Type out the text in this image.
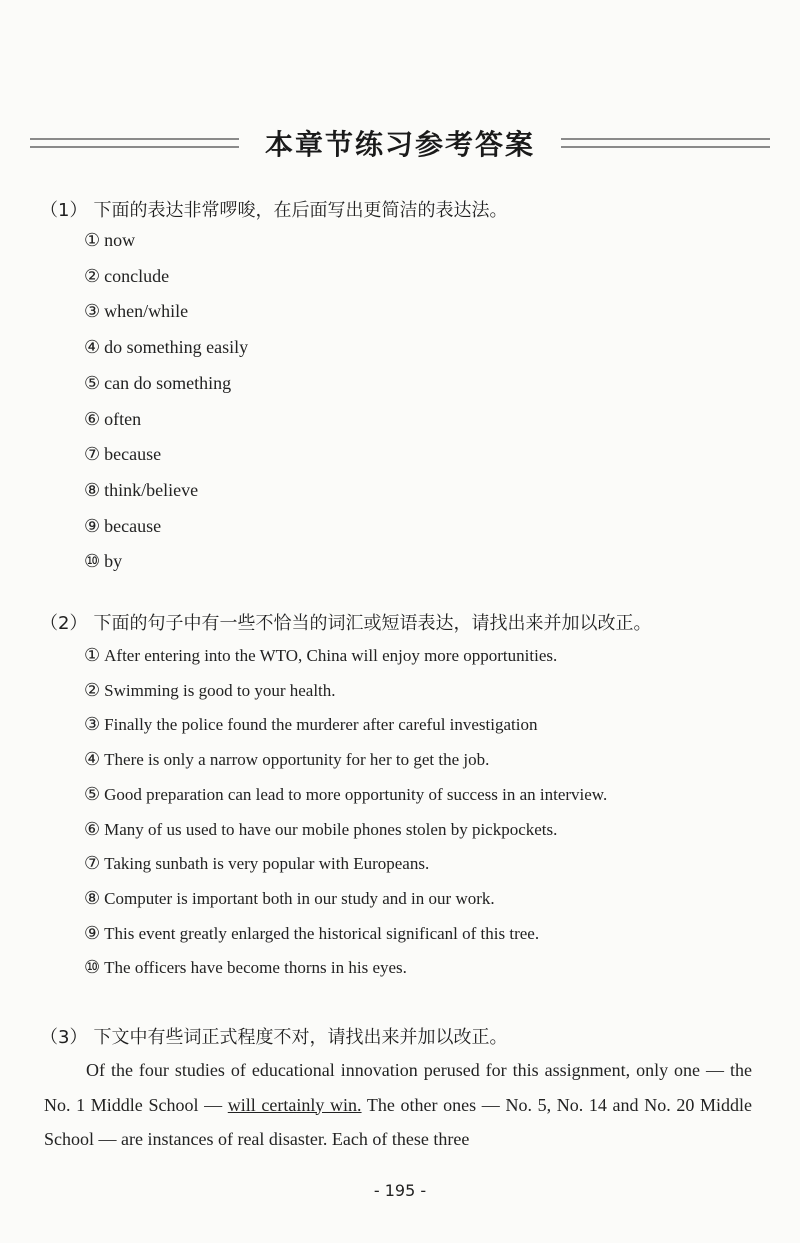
本章节练习参考答案
（1） 下面的表达非常啰唆，在后面写出更简洁的表达法。
① now
② conclude
③ when/while
④ do something easily
⑤ can do something
⑥ often
⑦ because
⑧ think/believe
⑨ because
⑩ by
（2） 下面的句子中有一些不恰当的词汇或短语表达，请找出来并加以改正。
① After entering into the WTO, China will enjoy more opportunities.
② Swimming is good to your health.
③ Finally the police found the murderer after careful investigation
④ There is only a narrow opportunity for her to get the job.
⑤ Good preparation can lead to more opportunity of success in an interview.
⑥ Many of us used to have our mobile phones stolen by pickpockets.
⑦ Taking sunbath is very popular with Europeans.
⑧ Computer is important both in our study and in our work.
⑨ This event greatly enlarged the historical significanl of this tree.
⑩ The officers have become thorns in his eyes.
（3） 下文中有些词正式程度不对，请找出来并加以改正。
Of the four studies of educational innovation perused for this assignment, only one — the No. 1 Middle School — will certainly win. The other ones — No. 5, No. 14 and No. 20 Middle School — are instances of real disaster. Each of these three
- 195 -
